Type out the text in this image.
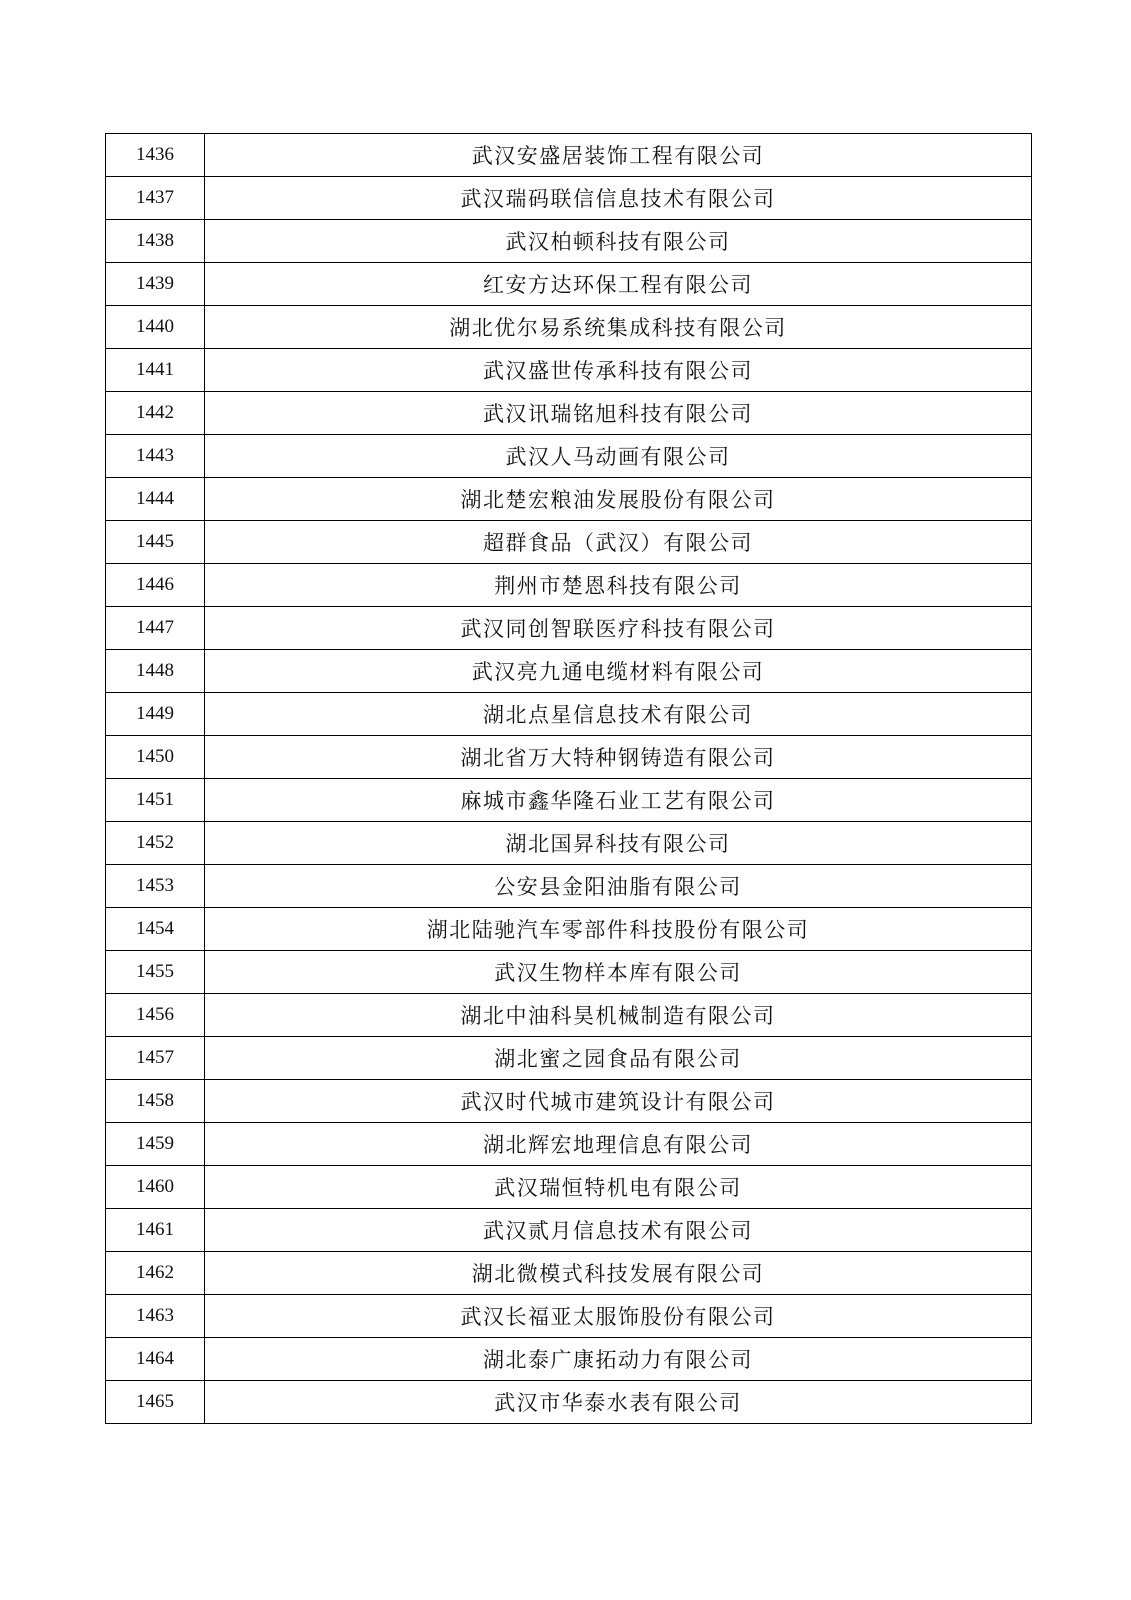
1436	武汉安盛居装饰工程有限公司
1437	武汉瑞码联信信息技术有限公司
1438	武汉柏顿科技有限公司
1439	红安方达环保工程有限公司
1440	湖北优尔易系统集成科技有限公司
1441	武汉盛世传承科技有限公司
1442	武汉讯瑞铭旭科技有限公司
1443	武汉人马动画有限公司
1444	湖北楚宏粮油发展股份有限公司
1445	超群食品（武汉）有限公司
1446	荆州市楚恩科技有限公司
1447	武汉同创智联医疗科技有限公司
1448	武汉亮九通电缆材料有限公司
1449	湖北点星信息技术有限公司
1450	湖北省万大特种钢铸造有限公司
1451	麻城市鑫华隆石业工艺有限公司
1452	湖北国昇科技有限公司
1453	公安县金阳油脂有限公司
1454	湖北陆驰汽车零部件科技股份有限公司
1455	武汉生物样本库有限公司
1456	湖北中油科昊机械制造有限公司
1457	湖北蜜之园食品有限公司
1458	武汉时代城市建筑设计有限公司
1459	湖北辉宏地理信息有限公司
1460	武汉瑞恒特机电有限公司
1461	武汉贰月信息技术有限公司
1462	湖北微模式科技发展有限公司
1463	武汉长福亚太服饰股份有限公司
1464	湖北泰广康拓动力有限公司
1465	武汉市华泰水表有限公司
